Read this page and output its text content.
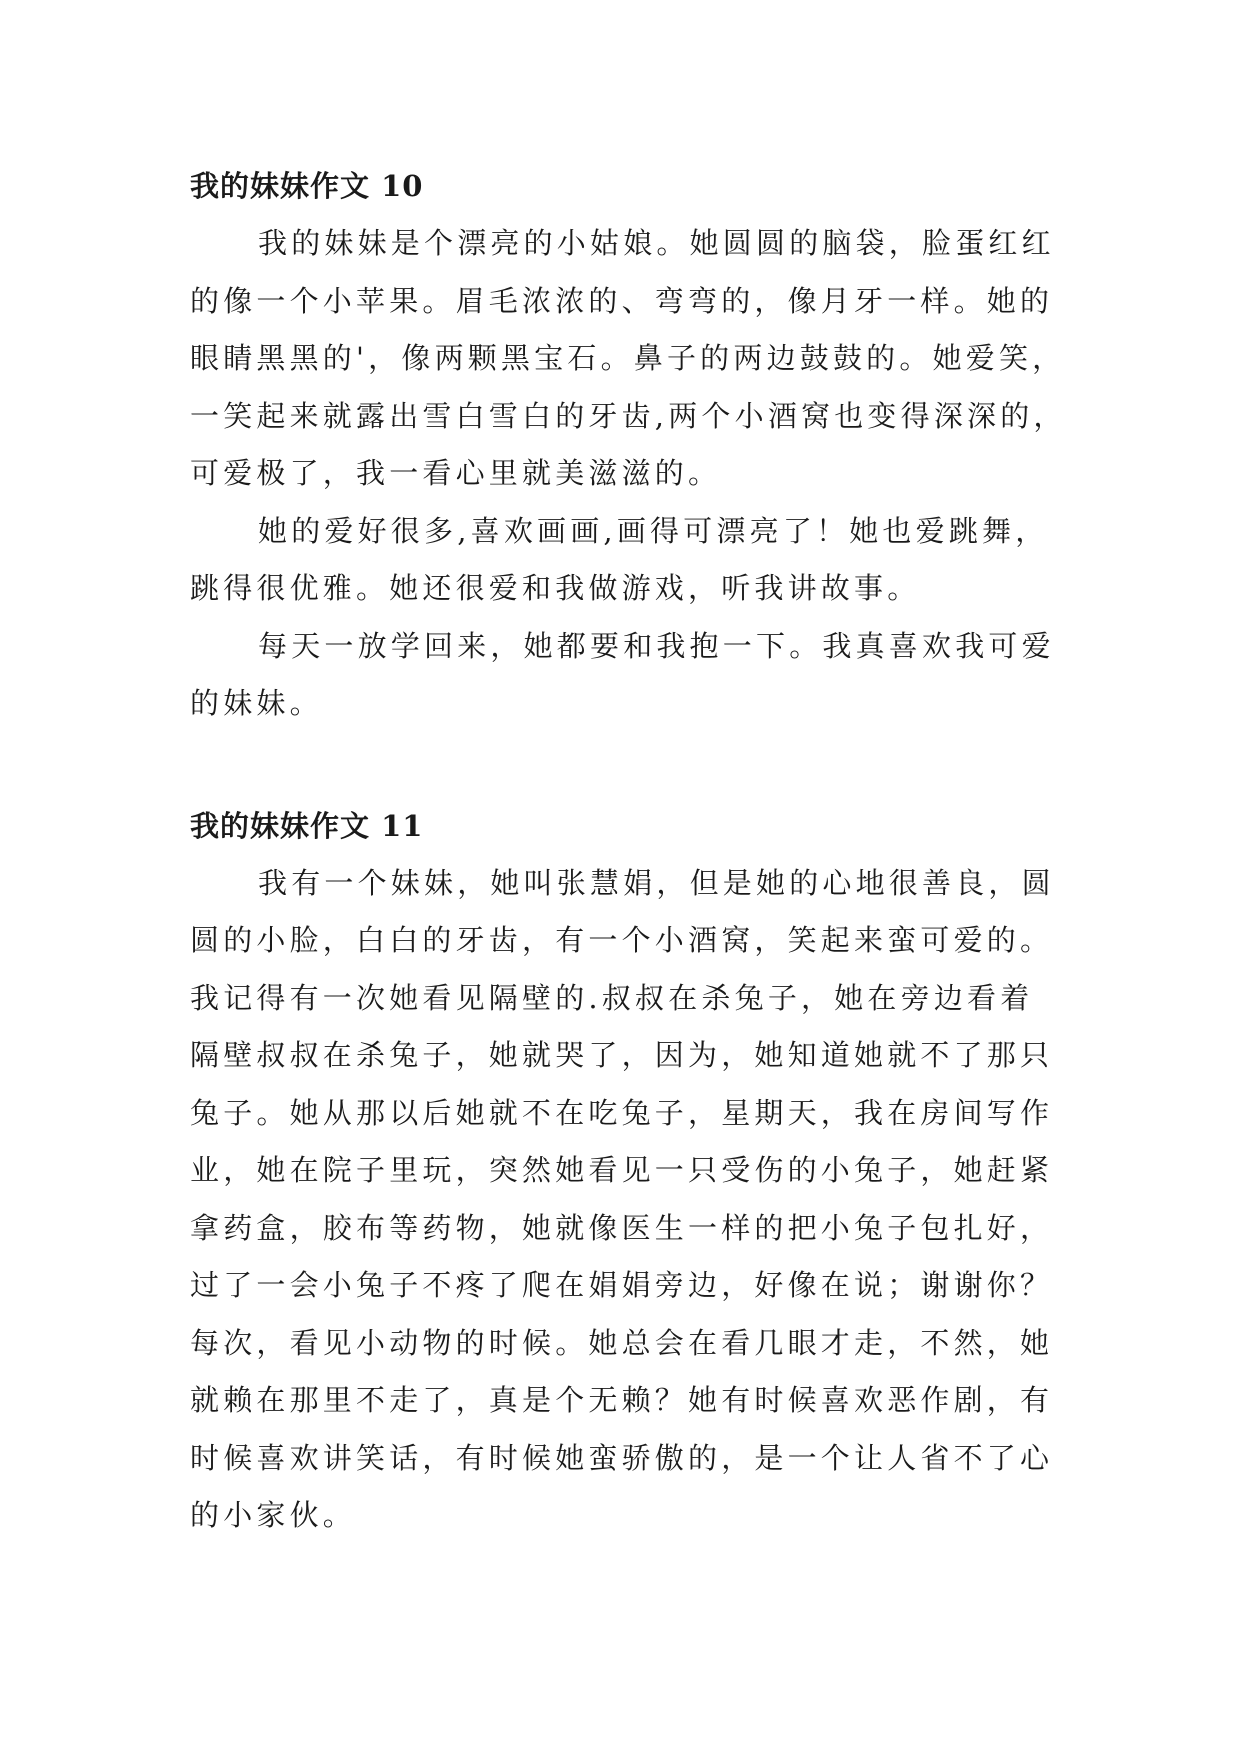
我的妹妹作文 10

我的妹妹是个漂亮的小姑娘。她圆圆的脑袋，脸蛋红红

的像一个小苹果。眉毛浓浓的、弯弯的，像月牙一样。她的

眼睛黑黑的'，像两颗黑宝石。鼻子的两边鼓鼓的。她爱笑，

一笑起来就露出雪白雪白的牙齿,两个小酒窝也变得深深的，

可爱极了，我一看心里就美滋滋的。

她的爱好很多,喜欢画画,画得可漂亮了！她也爱跳舞，

跳得很优雅。她还很爱和我做游戏，听我讲故事。

每天一放学回来，她都要和我抱一下。我真喜欢我可爱

的妹妹。

我的妹妹作文 11

我有一个妹妹，她叫张慧娟，但是她的心地很善良，圆

圆的小脸，白白的牙齿，有一个小酒窝，笑起来蛮可爱的。

我记得有一次她看见隔壁的.叔叔在杀兔子，她在旁边看着

隔壁叔叔在杀兔子，她就哭了，因为，她知道她就不了那只

兔子。她从那以后她就不在吃兔子，星期天，我在房间写作

业，她在院子里玩，突然她看见一只受伤的小兔子，她赶紧

拿药盒，胶布等药物，她就像医生一样的把小兔子包扎好，

过了一会小兔子不疼了爬在娟娟旁边，好像在说；谢谢你？

每次，看见小动物的时候。她总会在看几眼才走，不然，她

就赖在那里不走了，真是个无赖？她有时候喜欢恶作剧，有

时候喜欢讲笑话，有时候她蛮骄傲的，是一个让人省不了心

的小家伙。
